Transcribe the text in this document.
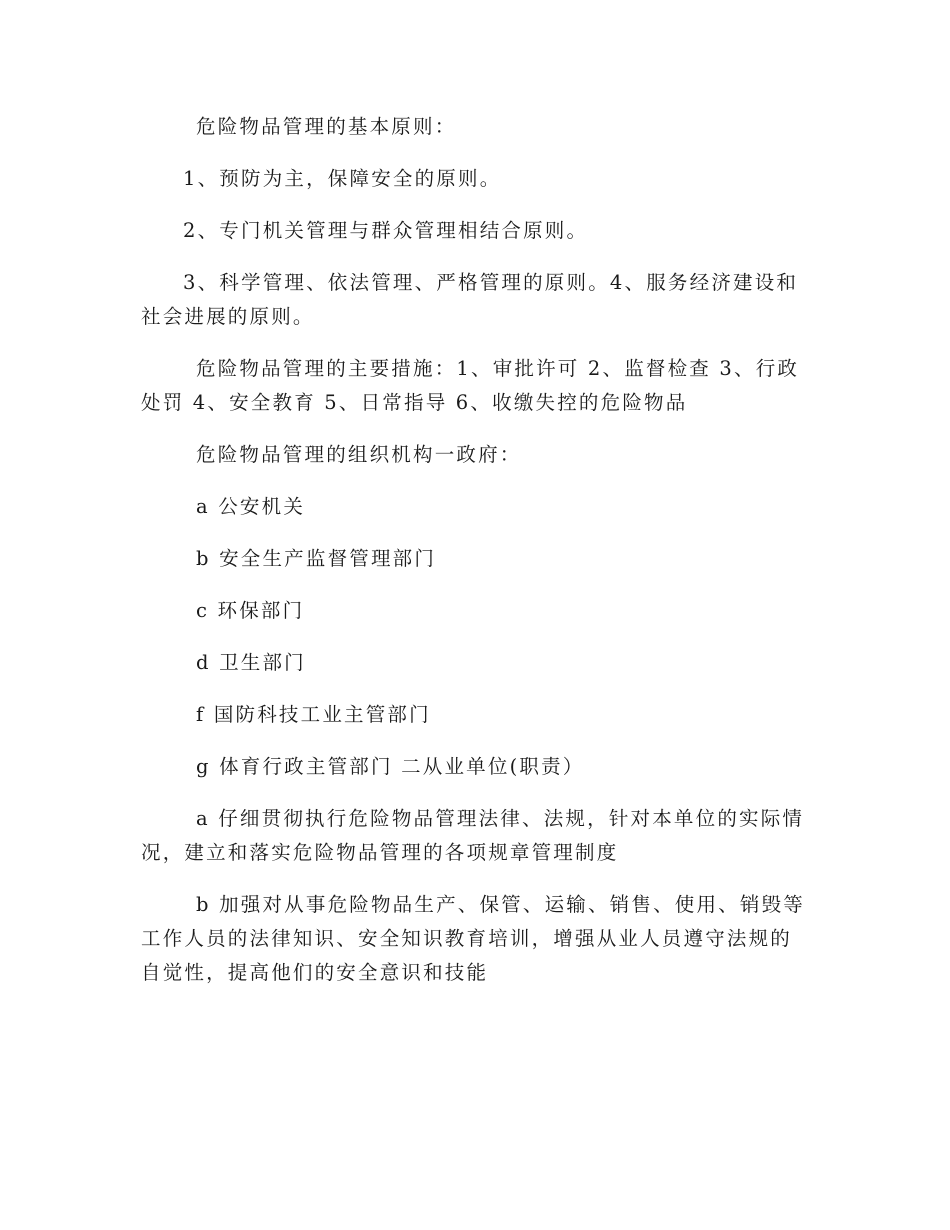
危险物品管理的基本原则：

1、预防为主，保障安全的原则。

2、专门机关管理与群众管理相结合原则。

3、科学管理、依法管理、严格管理的原则。4、服务经济建设和社会进展的原则。

危险物品管理的主要措施：1、审批许可 2、监督检查 3、行政处罚 4、安全教育 5、日常指导 6、收缴失控的危险物品

危险物品管理的组织机构一政府：

a 公安机关

b 安全生产监督管理部门

c 环保部门

d 卫生部门

f 国防科技工业主管部门

g 体育行政主管部门 二从业单位(职责）

a 仔细贯彻执行危险物品管理法律、法规，针对本单位的实际情况，建立和落实危险物品管理的各项规章管理制度

b 加强对从事危险物品生产、保管、运输、销售、使用、销毁等工作人员的法律知识、安全知识教育培训，增强从业人员遵守法规的自觉性，提高他们的安全意识和技能
